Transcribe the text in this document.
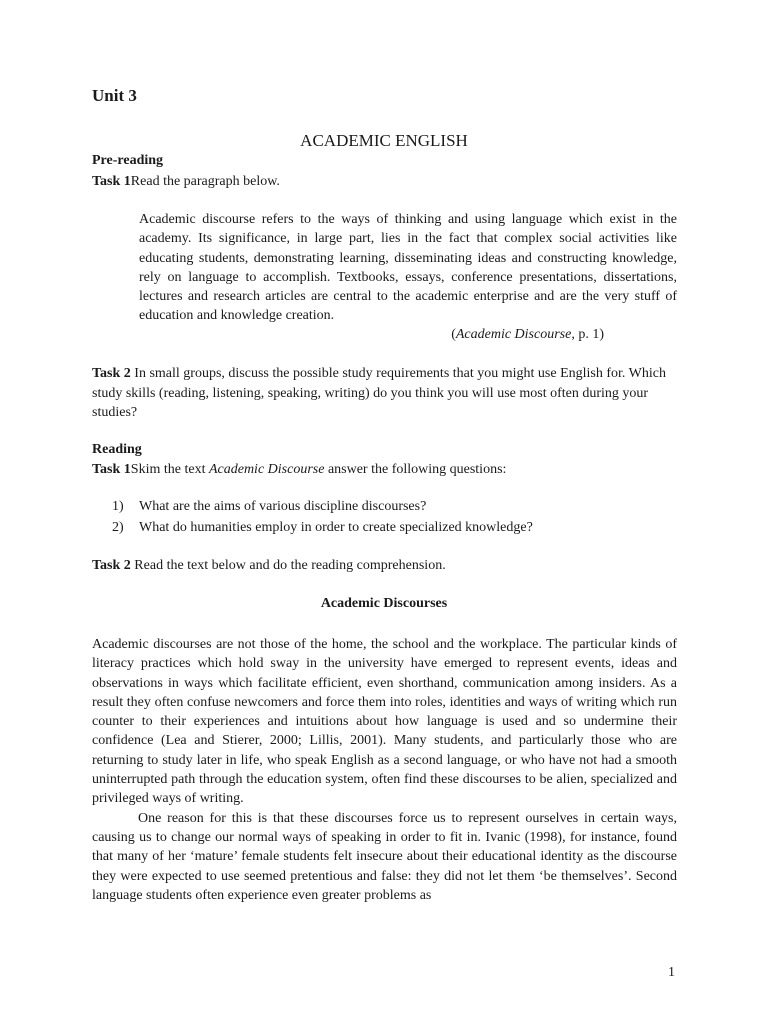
Unit 3
ACADEMIC ENGLISH
Pre-reading
Task 1Read the paragraph below.

Academic discourse refers to the ways of thinking and using language which exist in the academy. Its significance, in large part, lies in the fact that complex social activities like educating students, demonstrating learning, disseminating ideas and constructing knowledge, rely on language to accomplish. Textbooks, essays, conference presentations, dissertations, lectures and research articles are central to the academic enterprise and are the very stuff of education and knowledge creation.

(Academic Discourse, p. 1)

Task 2 In small groups, discuss the possible study requirements that you might use English for. Which study skills (reading, listening, speaking, writing) do you think you will use most often during your studies?

Reading
Task 1Skim the text Academic Discourse answer the following questions:
1)	What are the aims of various discipline discourses?
2)	What do humanities employ in order to create specialized knowledge?
Task 2 Read the text below and do the reading comprehension.
Academic Discourses

Academic discourses are not those of the home, the school and the workplace. The particular kinds of literacy practices which hold sway in the university have emerged to represent events, ideas and observations in ways which facilitate efficient, even shorthand, communication among insiders. As a result they often confuse newcomers and force them into roles, identities and ways of writing which run counter to their experiences and intuitions about how language is used and so undermine their confidence (Lea and Stierer, 2000; Lillis, 2001). Many students, and particularly those who are returning to study later in life, who speak English as a second language, or who have not had a smooth uninterrupted path through the education system, often find these discourses to be alien, specialized and privileged ways of writing.

One reason for this is that these discourses force us to represent ourselves in certain ways, causing us to change our normal ways of speaking in order to fit in. Ivanic (1998), for instance, found that many of her ‘mature’ female students felt insecure about their educational identity as the discourse they were expected to use seemed pretentious and false: they did not let them ‘be themselves’. Second language students often experience even greater problems as

1
